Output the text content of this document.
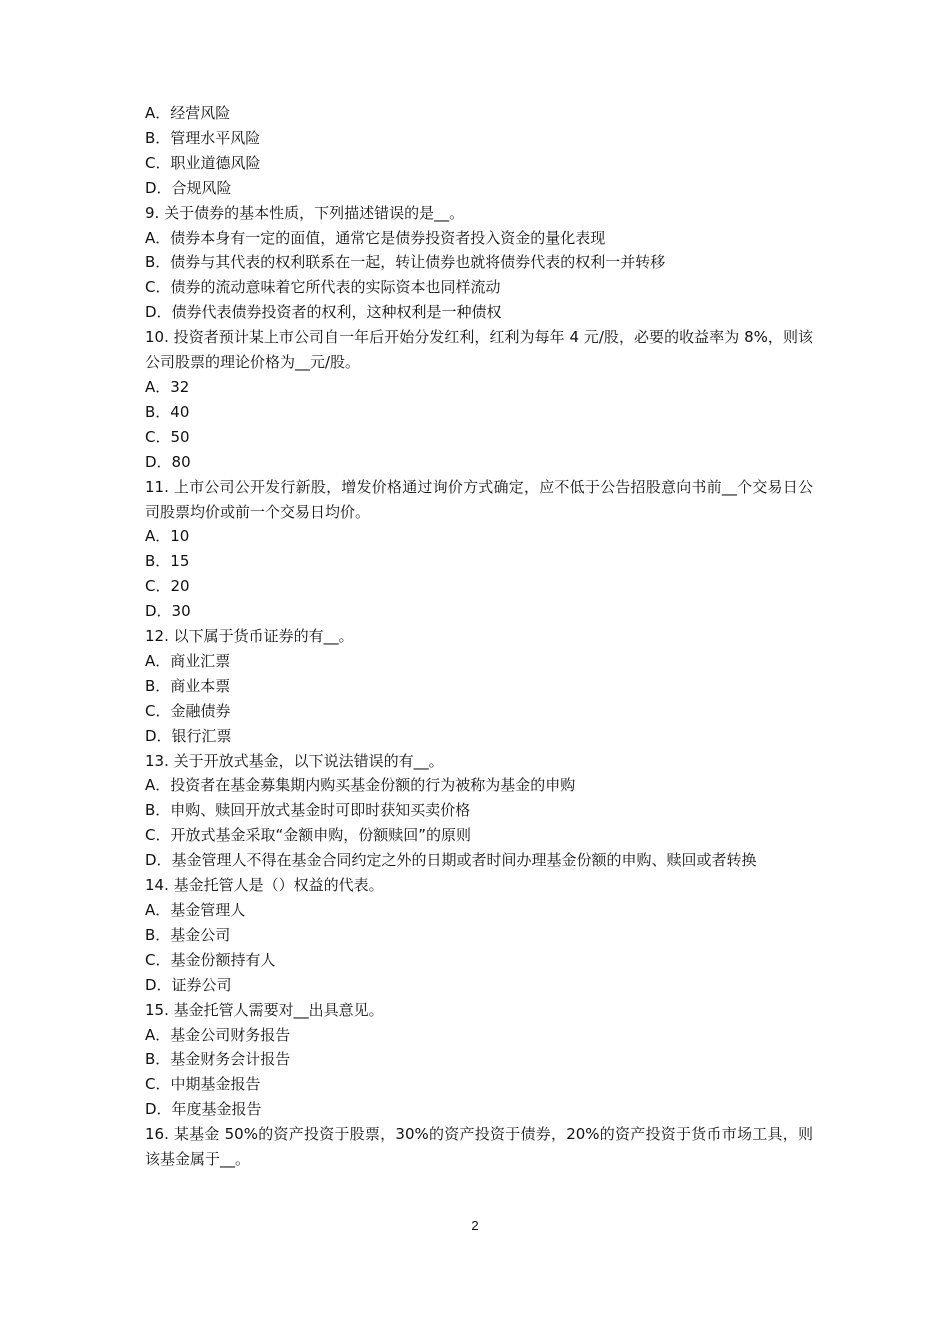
A．经营风险
B．管理水平风险
C．职业道德风险
D．合规风险
9. 关于债券的基本性质，下列描述错误的是__。
A．债券本身有一定的面值，通常它是债券投资者投入资金的量化表现
B．债券与其代表的权利联系在一起，转让债券也就将债券代表的权利一并转移
C．债券的流动意味着它所代表的实际资本也同样流动
D．债券代表债券投资者的权利，这种权利是一种债权
10. 投资者预计某上市公司自一年后开始分发红利，红利为每年 4 元/股，必要的收益率为 8%，则该公司股票的理论价格为__元/股。
A．32
B．40
C．50
D．80
11. 上市公司公开发行新股，增发价格通过询价方式确定，应不低于公告招股意向书前__个交易日公司股票均价或前一个交易日均价。
A．10
B．15
C．20
D．30
12. 以下属于货币证券的有__。
A．商业汇票
B．商业本票
C．金融债券
D．银行汇票
13. 关于开放式基金，以下说法错误的有__。
A．投资者在基金募集期内购买基金份额的行为被称为基金的申购
B．申购、赎回开放式基金时可即时获知买卖价格
C．开放式基金采取“金额申购，份额赎回”的原则
D．基金管理人不得在基金合同约定之外的日期或者时间办理基金份额的申购、赎回或者转换
14. 基金托管人是（）权益的代表。
A．基金管理人
B．基金公司
C．基金份额持有人
D．证券公司
15. 基金托管人需要对__出具意见。
A．基金公司财务报告
B．基金财务会计报告
C．中期基金报告
D．年度基金报告
16. 某基金 50%的资产投资于股票，30%的资产投资于债券，20%的资产投资于货币市场工具，则该基金属于__。
2
